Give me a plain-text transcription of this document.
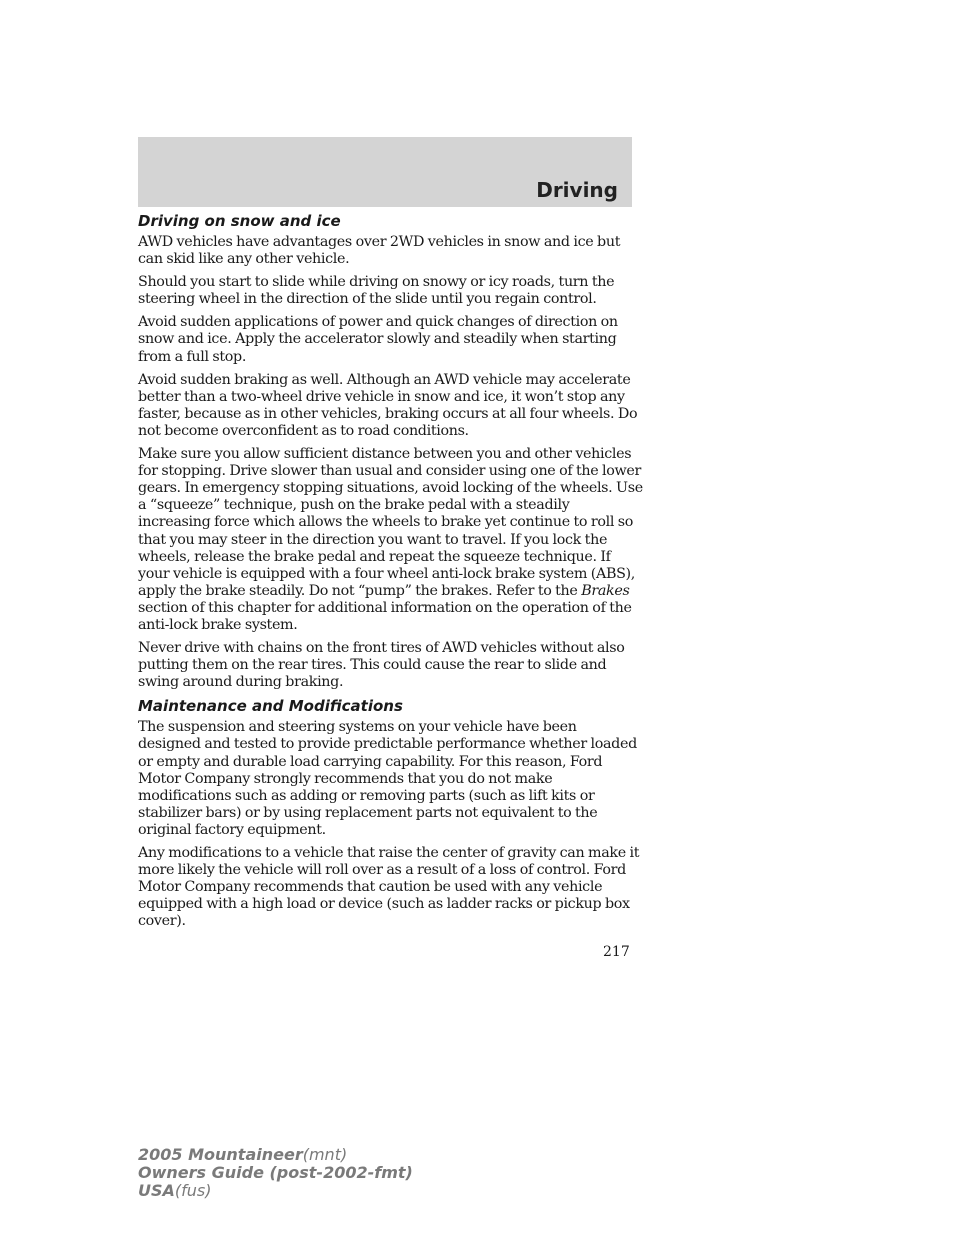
Driving
Driving on snow and ice

AWD vehicles have advantages over 2WD vehicles in snow and ice but can skid like any other vehicle.

Should you start to slide while driving on snowy or icy roads, turn the steering wheel in the direction of the slide until you regain control.

Avoid sudden applications of power and quick changes of direction on snow and ice. Apply the accelerator slowly and steadily when starting from a full stop.

Avoid sudden braking as well. Although an AWD vehicle may accelerate better than a two-wheel drive vehicle in snow and ice, it won’t stop any faster, because as in other vehicles, braking occurs at all four wheels. Do not become overconfident as to road conditions.

Make sure you allow sufficient distance between you and other vehicles for stopping. Drive slower than usual and consider using one of the lower gears. In emergency stopping situations, avoid locking of the wheels. Use a “squeeze” technique, push on the brake pedal with a steadily increasing force which allows the wheels to brake yet continue to roll so that you may steer in the direction you want to travel. If you lock the wheels, release the brake pedal and repeat the squeeze technique. If your vehicle is equipped with a four wheel anti-lock brake system (ABS), apply the brake steadily. Do not “pump” the brakes. Refer to the Brakes section of this chapter for additional information on the operation of the anti-lock brake system.

Never drive with chains on the front tires of AWD vehicles without also putting them on the rear tires. This could cause the rear to slide and swing around during braking.

Maintenance and Modifications

The suspension and steering systems on your vehicle have been designed and tested to provide predictable performance whether loaded or empty and durable load carrying capability. For this reason, Ford Motor Company strongly recommends that you do not make modifications such as adding or removing parts (such as lift kits or stabilizer bars) or by using replacement parts not equivalent to the original factory equipment.

Any modifications to a vehicle that raise the center of gravity can make it more likely the vehicle will roll over as a result of a loss of control. Ford Motor Company recommends that caution be used with any vehicle equipped with a high load or device (such as ladder racks or pickup box cover).

217

2005 Mountaineer(mnt)

Owners Guide (post-2002-fmt)

USA(fus)
